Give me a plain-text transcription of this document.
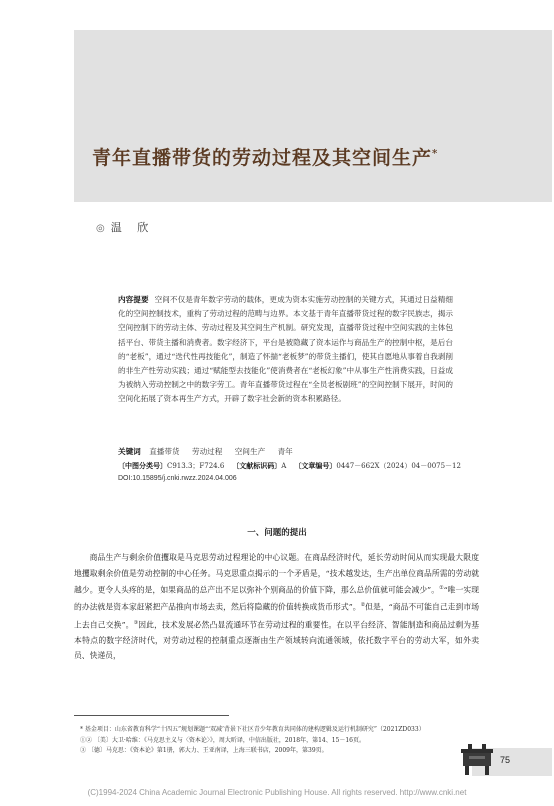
青年直播带货的劳动过程及其空间生产*
◎ 温 欣
内容提要 空间不仅是青年数字劳动的载体，更成为资本实施劳动控制的关键方式，其通过日益精细化的空间控制技术，重构了劳动过程的范畴与边界。本文基于青年直播带货过程的数字民族志，揭示空间控制下的劳动主体、劳动过程及其空间生产机制。研究发现，直播带货过程中空间实践的主体包括平台、带货主播和消费者。数字经济下，平台是被隐藏了资本运作与商品生产的控制中枢，是后台的“老板”，通过“迭代性再技能化”，制造了怀揣“老板梦”的带货主播们，使其自愿地从事着自我剥削的非生产性劳动实践；通过“赋能型去技能化”使消费者在“老板幻象”中从事生产性消费实践，日益成为被纳入劳动控制之中的数字劳工。青年直播带货过程在“全员老板剧班”的空间控制下展开，时间的空间化拓展了资本再生产方式，开辟了数字社会新的资本积累路径。
关键词 直播带货 劳动过程 空间生产 青年
〔中图分类号〕C913.3；F724.6 〔文献标识码〕A 〔文章编号〕0447－662X（2024）04－0075－12
DOI:10.15895/j.cnki.rwzz.2024.04.006
一、问题的提出

商品生产与剩余价值攫取是马克思劳动过程理论的中心议题。在商品经济时代，延长劳动时间从而实现最大限度地攫取剩余价值是劳动控制的中心任务。马克思重点揭示的一个矛盾是，“技术越发达，生产出单位商品所需的劳动就越少。更令人头疼的是，如果商品的总产出不足以弥补个别商品的价值下降，那么总价值就可能会减少”。①“唯一实现的办法就是资本家赶紧把产品推向市场去卖，然后将隐藏的价值转换成货币形式”。②但是，“商品不可能自己走到市场上去自己交换”。③因此，技术发展必然凸显流通环节在劳动过程的重要性。在以平台经济、智能制造和商品过剩为基本特点的数字经济时代，对劳动过程的控制重点逐渐由生产领域转向流通领域，依托数字平台的劳动大军，如外卖员、快递员，

* 基金项目：山东省教育科学“十四五”规划课题“‘双减’背景下社区青少年教育共同体的建构逻辑及运行机制研究”（2021ZD033）
①② 〔美〕大卫·哈维：《马克思主义与〈资本论〉》，周大昕译，中信出版社，2018年，第14、15－16页。
③ 〔德〕马克思：《资本论》第1册，郭大力、王亚南译，上海三联书店，2009年，第39页。
75
(C)1994-2024 China Academic Journal Electronic Publishing House. All rights reserved. http://www.cnki.net
